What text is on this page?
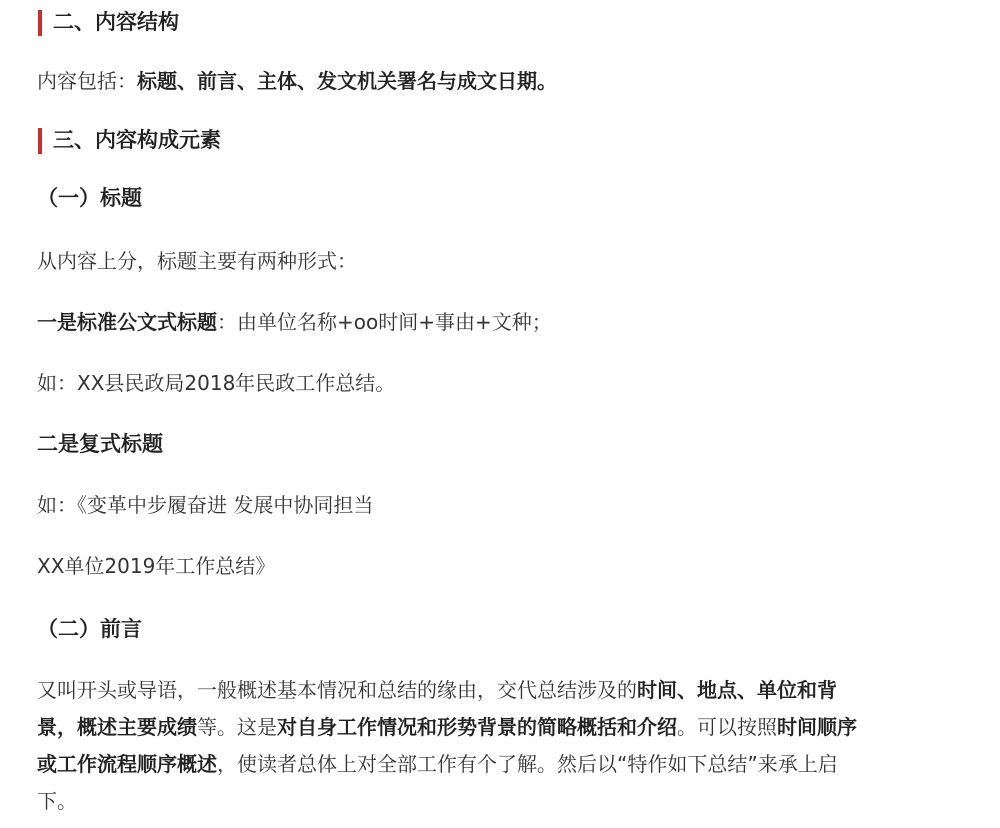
二、内容结构
内容包括：标题、前言、主体、发文机关署名与成文日期。
三、内容构成元素
（一）标题
从内容上分，标题主要有两种形式：
一是标准公文式标题：由单位名称+oo时间+事由+文种；
如：XX县民政局2018年民政工作总结。
二是复式标题
如：《变革中步履奋进 发展中协同担当
XX单位2019年工作总结》
（二）前言
又叫开头或导语，一般概述基本情况和总结的缘由，交代总结涉及的时间、地点、单位和背
景，概述主要成绩等。这是对自身工作情况和形势背景的简略概括和介绍。可以按照时间顺序
或工作流程顺序概述，使读者总体上对全部工作有个了解。然后以“特作如下总结”来承上启
下。
